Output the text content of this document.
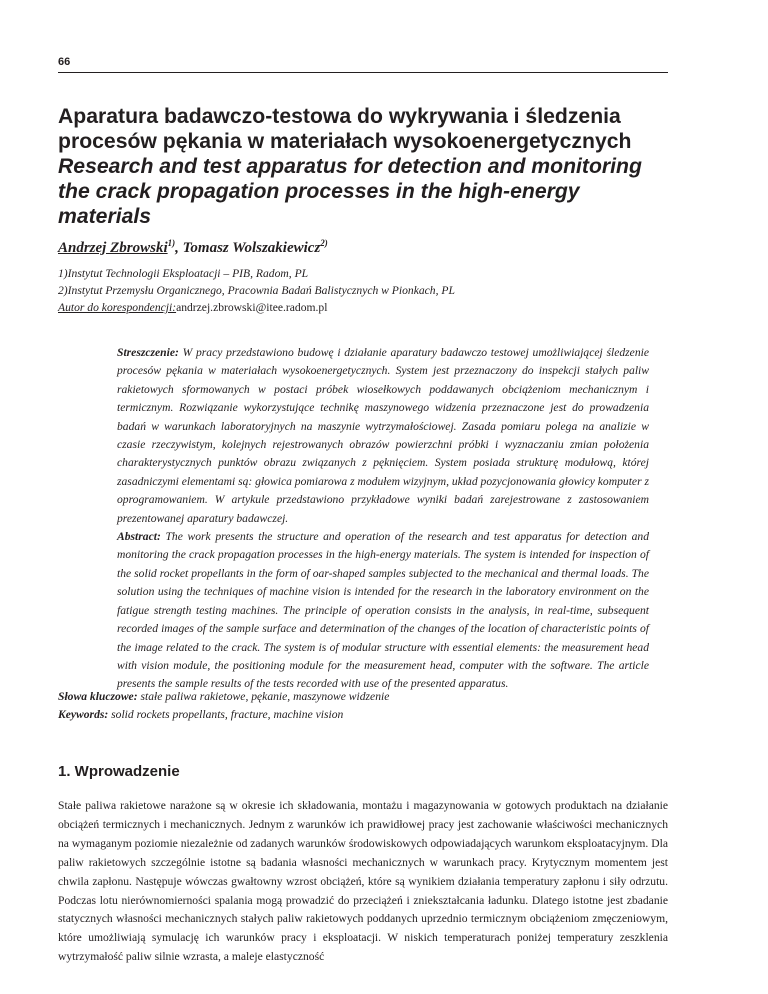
66
Aparatura badawczo-testowa do wykrywania i śledzenia
procesów pękania w materiałach wysokoenergetycznych
Research and test apparatus for detection and monitoring
the crack propagation processes in the high-energy
materials
Andrzej Zbrowski$^{1)}$, Tomasz Wolszakiewicz$^{2)}$
1)Instytut Technologii Eksploatacji – PIB, Radom, PL
2)Instytut Przemysłu Organicznego, Pracownia Badań Balistycznych w Pionkach, PL
Autor do korespondencji:andrzej.zbrowski@itee.radom.pl

Streszczenie: W pracy przedstawiono budowę i działanie aparatury badawczo testowej umożliwiającej śledzenie procesów pękania w materiałach wysokoenergetycznych. System jest przeznaczony do inspekcji stałych paliw rakietowych sformowanych w postaci próbek wiosełkowych poddawanych obciążeniom mechanicznym i termicznym. Rozwiązanie wykorzystujące technikę maszynowego widzenia przeznaczone jest do prowadzenia badań w warunkach laboratoryjnych na maszynie wytrzymałościowej. Zasada pomiaru polega na analizie w czasie rzeczywistym, kolejnych rejestrowanych obrazów powierzchni próbki i wyznaczaniu zmian położenia charakterystycznych punktów obrazu związanych z pęknięciem. System posiada strukturę modułową, której zasadniczymi elementami są: głowica pomiarowa z modułem wizyjnym, układ pozycjonowania głowicy komputer z oprogramowaniem. W artykule przedstawiono przykładowe wyniki badań zarejestrowane z zastosowaniem prezentowanej aparatury badawczej.

Abstract: The work presents the structure and operation of the research and test apparatus for detection and monitoring the crack propagation processes in the high-energy materials. The system is intended for inspection of the solid rocket propellants in the form of oar-shaped samples subjected to the mechanical and thermal loads. The solution using the techniques of machine vision is intended for the research in the laboratory environment on the fatigue strength testing machines. The principle of operation consists in the analysis, in real-time, subsequent recorded images of the sample surface and determination of the changes of the location of characteristic points of the image related to the crack. The system is of modular structure with essential elements: the measurement head with vision module, the positioning module for the measurement head, computer with the software. The article presents the sample results of the tests recorded with use of the presented apparatus.

Słowa kluczowe: stałe paliwa rakietowe, pękanie, maszynowe widzenie
Keywords: solid rockets propellants, fracture, machine vision
1. Wprowadzenie

Stałe paliwa rakietowe narażone są w okresie ich składowania, montażu i magazynowania w gotowych produktach na działanie obciążeń termicznych i mechanicznych. Jednym z warunków ich prawidłowej pracy jest zachowanie właściwości mechanicznych na wymaganym poziomie niezależnie od zadanych warunków środowiskowych odpowiadających warunkom eksploatacyjnym. Dla paliw rakietowych szczególnie istotne są badania własności mechanicznych w warunkach pracy. Krytycznym momentem jest chwila zapłonu. Następuje wówczas gwałtowny wzrost obciążeń, które są wynikiem działania temperatury zapłonu i siły odrzutu. Podczas lotu nierównomierności spalania mogą prowadzić do przeciążeń i zniekształcania ładunku. Dlatego istotne jest zbadanie statycznych własności mechanicznych stałych paliw rakietowych poddanych uprzednio termicznym obciążeniom zmęczeniowym, które umożliwiają symulację ich warunków pracy i eksploatacji. W niskich temperaturach poniżej temperatury zeszklenia wytrzymałość paliw silnie wzrasta, a maleje elastyczność
